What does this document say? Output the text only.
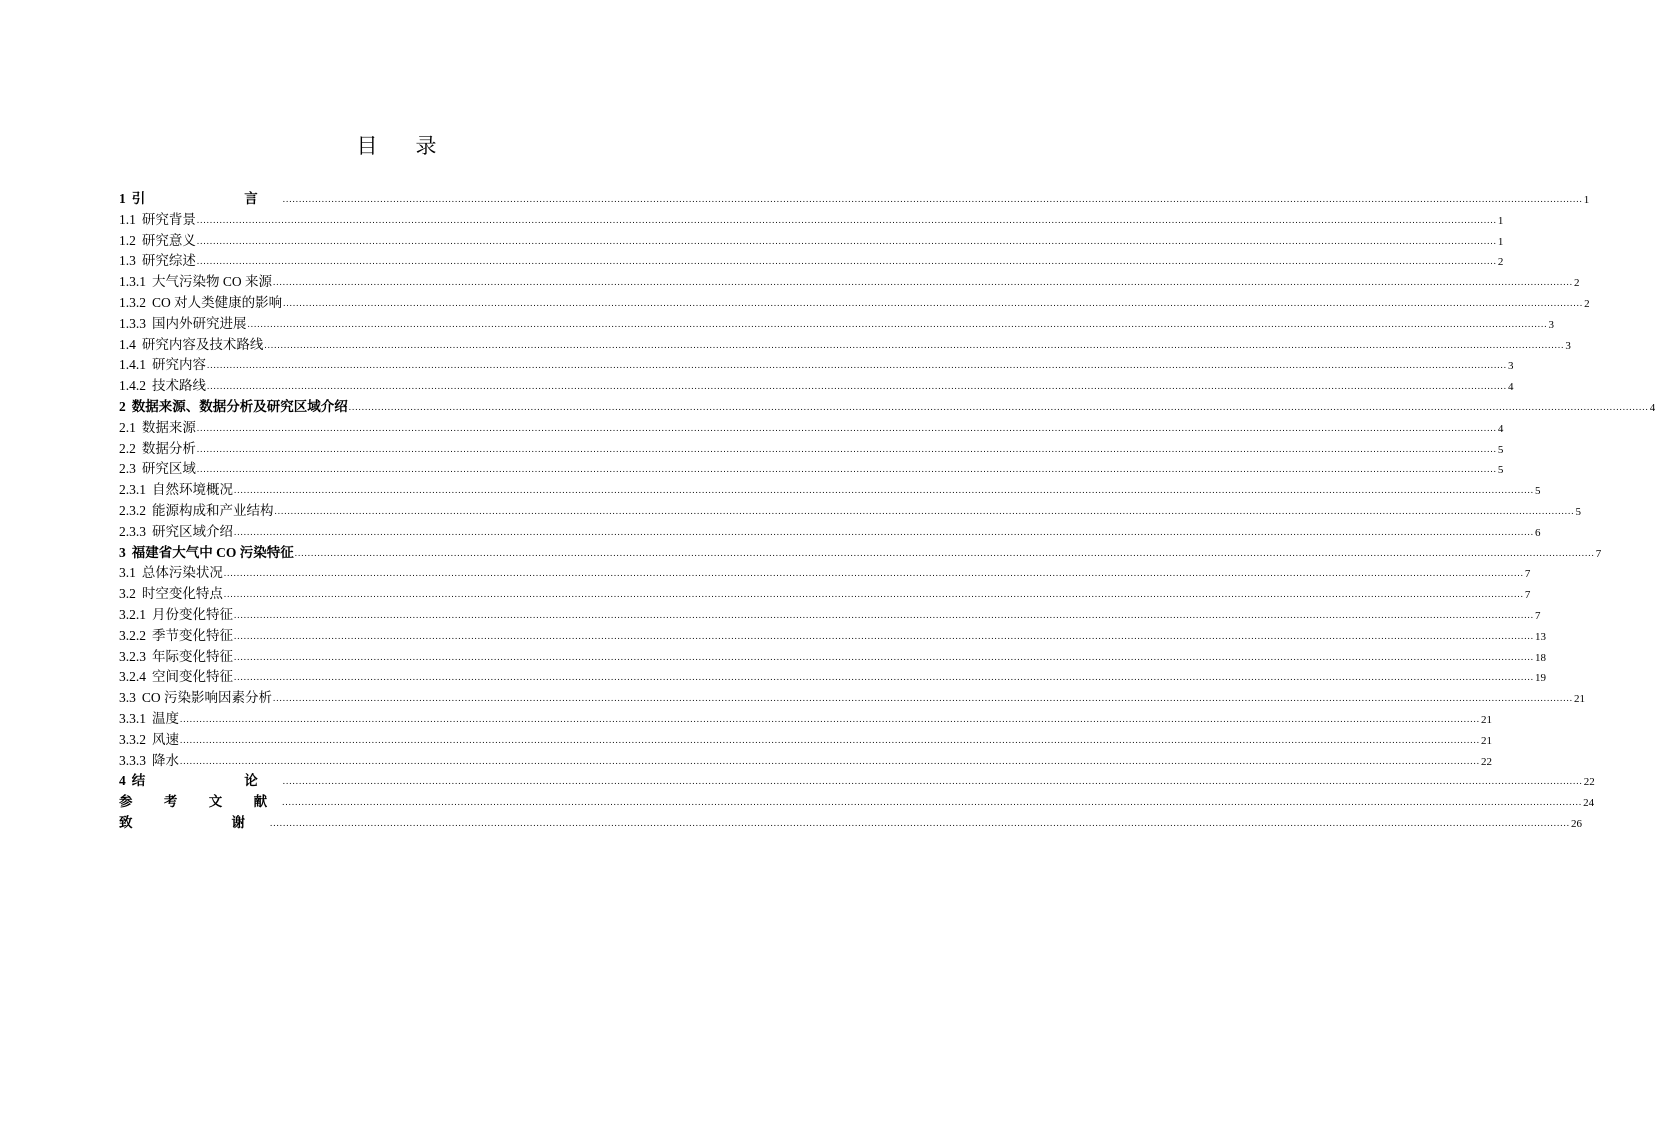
目 录
1 引　　言 ................................................................................................................................................................................................................................................................................................................................................................................................................ 1
1.1 研究背景 ................................................................................................................................................................................................................................................................................................................................................................................................................ 1
1.2 研究意义 ................................................................................................................................................................................................................................................................................................................................................................................................................ 1
1.3 研究综述 ................................................................................................................................................................................................................................................................................................................................................................................................................ 2
1.3.1 大气污染物 CO 来源 ................................................................................................................................................................................................................................................................................................................................................................................................................ 2
1.3.2 CO 对人类健康的影响 ................................................................................................................................................................................................................................................................................................................................................................................................................ 2
1.3.3 国内外研究进展 ................................................................................................................................................................................................................................................................................................................................................................................................................ 3
1.4 研究内容及技术路线 ................................................................................................................................................................................................................................................................................................................................................................................................................ 3
1.4.1 研究内容 ................................................................................................................................................................................................................................................................................................................................................................................................................ 3
1.4.2 技术路线 ................................................................................................................................................................................................................................................................................................................................................................................................................ 4
2 数据来源、数据分析及研究区域介绍 ................................................................................................................................................................................................................................................................................................................................................................................................................ 4
2.1 数据来源 ................................................................................................................................................................................................................................................................................................................................................................................................................ 4
2.2 数据分析 ................................................................................................................................................................................................................................................................................................................................................................................................................ 5
2.3 研究区域 ................................................................................................................................................................................................................................................................................................................................................................................................................ 5
2.3.1 自然环境概况 ................................................................................................................................................................................................................................................................................................................................................................................................................ 5
2.3.2 能源构成和产业结构 ................................................................................................................................................................................................................................................................................................................................................................................................................ 5
2.3.3 研究区域介绍 ................................................................................................................................................................................................................................................................................................................................................................................................................ 6
3 福建省大气中 CO 污染特征 ................................................................................................................................................................................................................................................................................................................................................................................................................ 7
3.1 总体污染状况 ................................................................................................................................................................................................................................................................................................................................................................................................................ 7
3.2 时空变化特点 ................................................................................................................................................................................................................................................................................................................................................................................................................ 7
3.2.1 月份变化特征 ................................................................................................................................................................................................................................................................................................................................................................................................................ 7
3.2.2 季节变化特征 ................................................................................................................................................................................................................................................................................................................................................................................................................ 13
3.2.3 年际变化特征 ................................................................................................................................................................................................................................................................................................................................................................................................................ 18
3.2.4 空间变化特征 ................................................................................................................................................................................................................................................................................................................................................................................................................ 19
3.3 CO 污染影响因素分析 ................................................................................................................................................................................................................................................................................................................................................................................................................ 21
3.3.1 温度 ................................................................................................................................................................................................................................................................................................................................................................................................................ 21
3.3.2 风速 ................................................................................................................................................................................................................................................................................................................................................................................................................ 21
3.3.3 降水 ................................................................................................................................................................................................................................................................................................................................................................................................................ 22
4 结　　论 ................................................................................................................................................................................................................................................................................................................................................................................................................ 22
参 考 文 献 ................................................................................................................................................................................................................................................................................................................................................................................................................ 24
致　　谢 ................................................................................................................................................................................................................................................................................................................................................................................................................ 26
